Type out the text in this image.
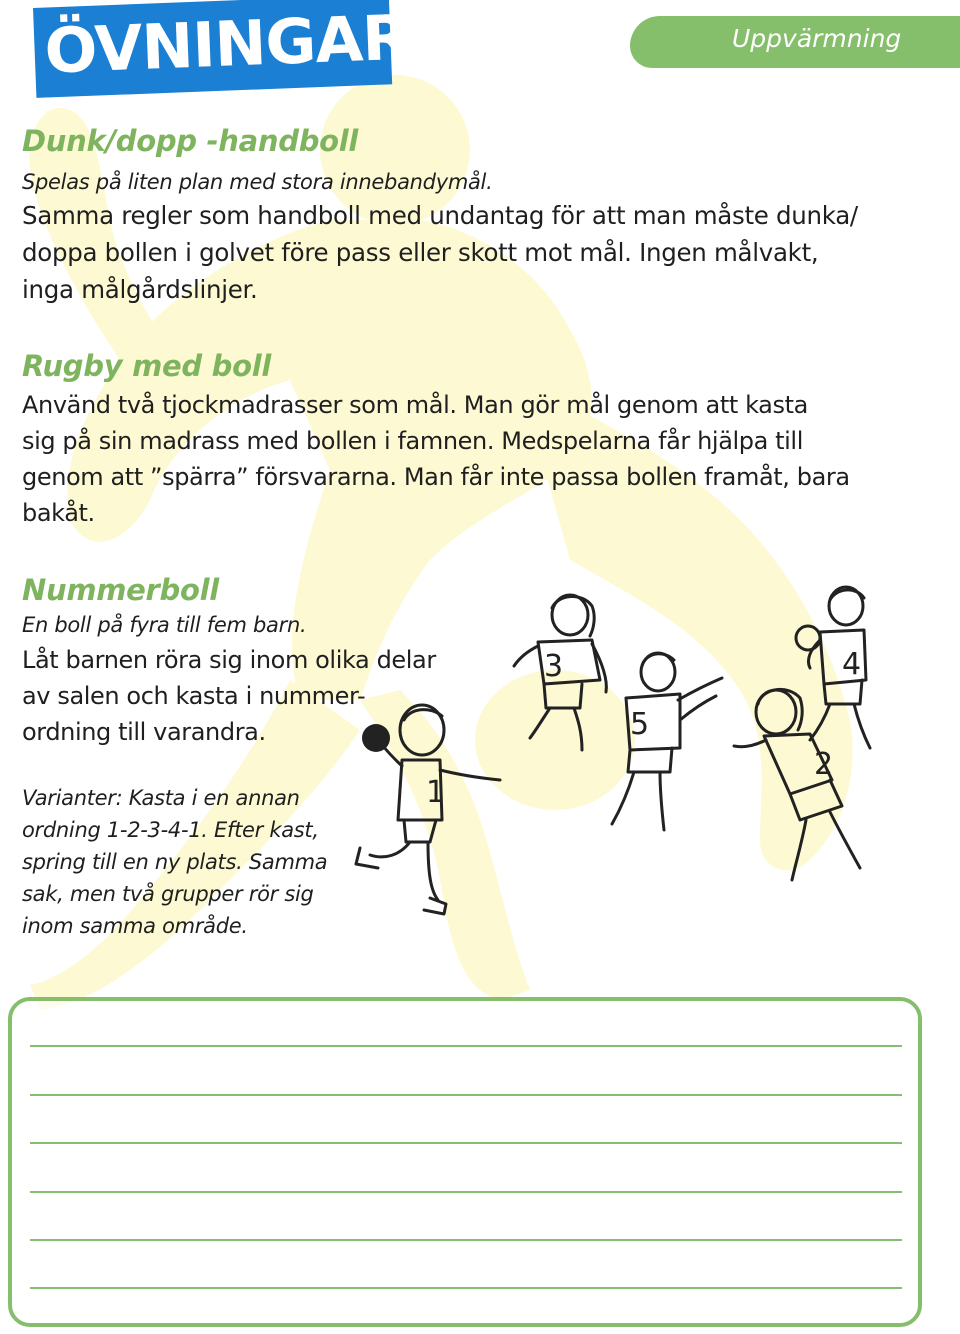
ÖVNINGAR	Uppvärmning
Dunk/dopp -handboll
Spelas på liten plan med stora innebandymål.
Samma regler som handboll med undantag för att man måste dunka/
doppa bollen i golvet före pass eller skott mot mål. Ingen målvakt,
inga målgårdslinjer.
Rugby med boll
Använd två tjockmadrasser som mål. Man gör mål genom att kasta
sig på sin madrass med bollen i famnen. Medspelarna får hjälpa till
genom att ”spärra” försvararna. Man får inte passa bollen framåt, bara
bakåt.
Nummerboll
En boll på fyra till fem barn.
Låt barnen röra sig inom olika delar
av salen och kasta i nummer-
ordning till varandra.
Varianter: Kasta i en annan
ordning 1-2-3-4-1. Efter kast,
spring till en ny plats. Samma
sak, men två grupper rör sig
inom samma område.
1
3
5
4
2
